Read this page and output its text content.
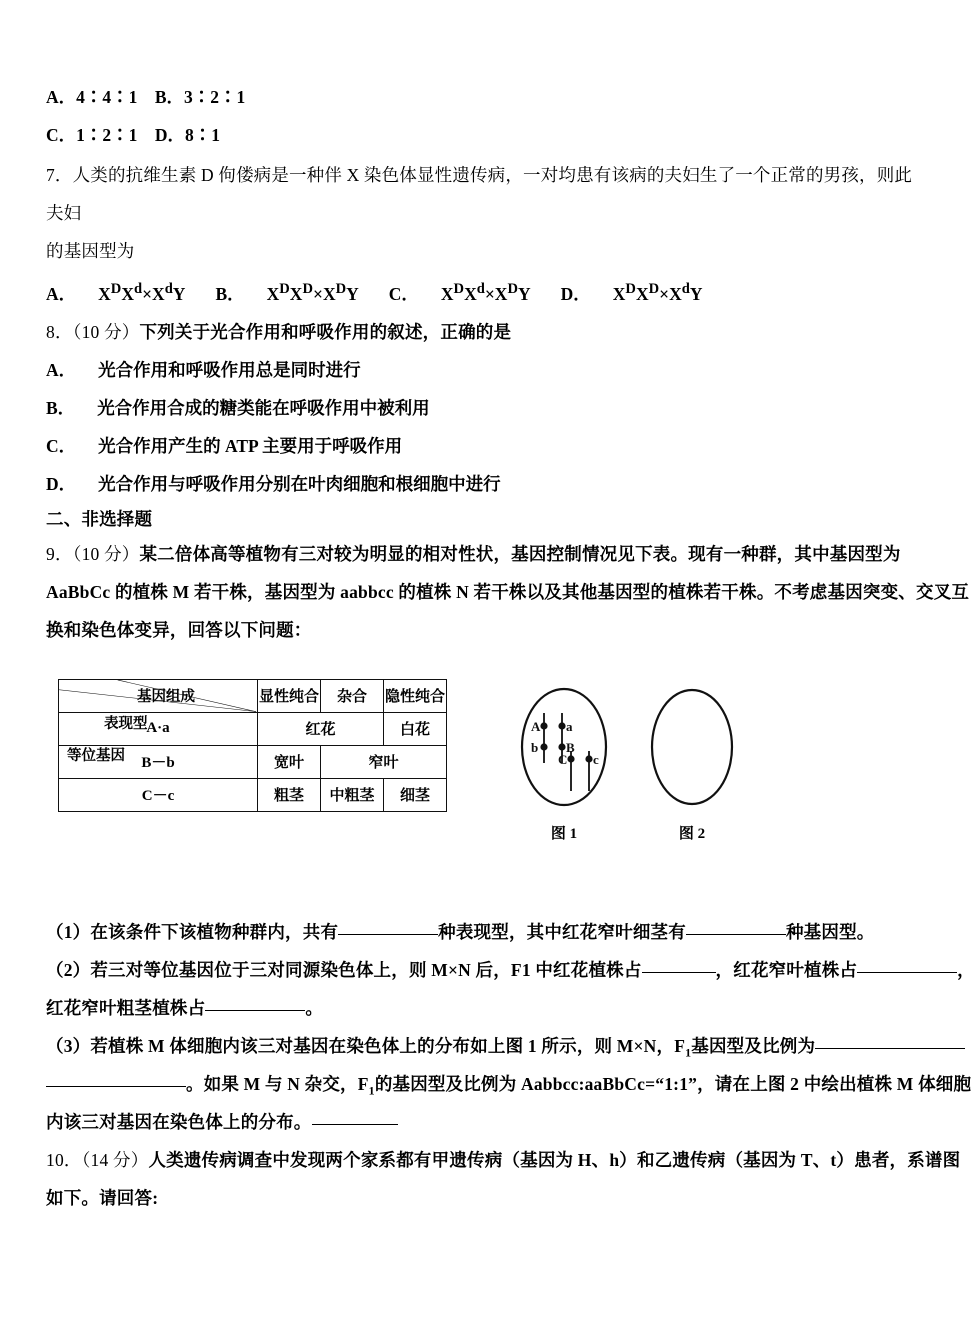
A．4∶4∶1　B．3∶2∶1
C．1∶2∶1　D．8∶1
7．人类的抗维生素 D 佝偻病是一种伴 X 染色体显性遗传病，一对均患有该病的夫妇生了一个正常的男孩，则此夫妇
的基因型为
A． $X^DX^d\times X^dY$ B． $X^DX^D\times X^DY$ C． $X^DX^d\times X^DY$ D． $X^DX^D\times X^dY$
8．（10 分）下列关于光合作用和呼吸作用的叙述，正确的是
A． 光合作用和呼吸作用总是同时进行
B． 光合作用合成的糖类能在呼吸作用中被利用
C． 光合作用产生的 ATP 主要用于呼吸作用
D． 光合作用与呼吸作用分别在叶肉细胞和根细胞中进行
二、非选择题
9．（10 分）某二倍体高等植物有三对较为明显的相对性状，基因控制情况见下表。现有一种群，其中基因型为
AaBbCc 的植株 M 若干株，基因型为 aabbcc 的植株 N 若干株以及其他基因型的植株若干株。不考虑基因突变、交叉互
换和染色体变异，回答以下问题：
基因组成
表现型
等位基因	显性纯合	杂合	隐性纯合
A·a	红花		白花
B－b	宽叶	窄叶	
C－c	粗茎	中粗茎	细茎
A a
b B
C c
图 1	图 2
（1）在该条件下该植物种群内，共有	种表现型，其中红花窄叶细茎有	种基因型。
（2）若三对等位基因位于三对同源染色体上，则 M×N 后，F1 中红花植株占	，红花窄叶植株占	，
红花窄叶粗茎植株占	。
（3）若植株 M 体细胞内该三对基因在染色体上的分布如上图 1 所示，则 M×N，$F_1$基因型及比例为
。如果 M 与 N 杂交，$F_1$的基因型及比例为 Aabbcc:aaBbCc=“1:1”，请在上图 2 中绘出植株 M 体细胞
内该三对基因在染色体上的分布。
10．（14 分）人类遗传病调查中发现两个家系都有甲遗传病（基因为 H、h）和乙遗传病（基因为 T、t）患者，系谱图
如下。请回答:
